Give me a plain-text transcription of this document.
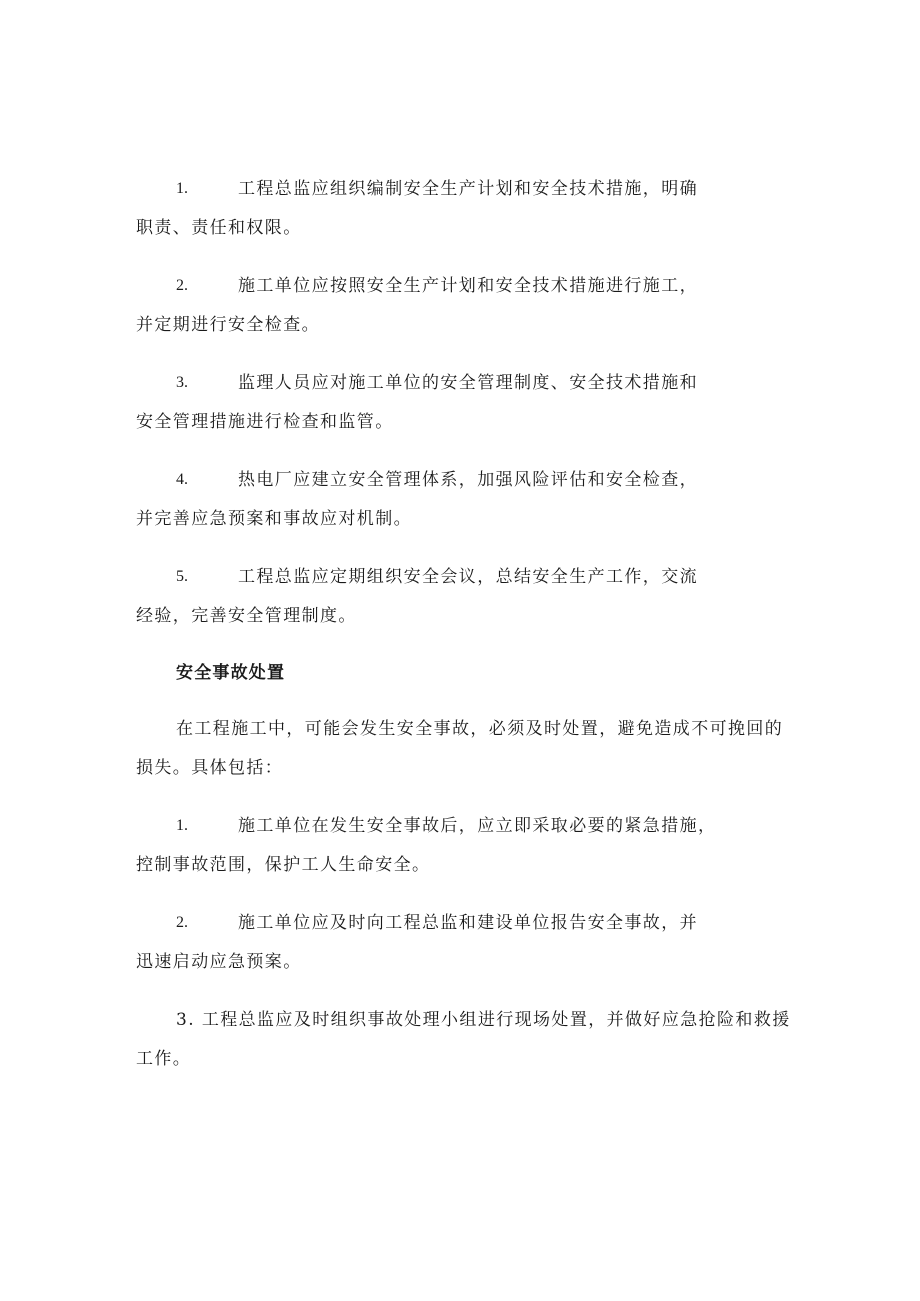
1.	工程总监应组织编制安全生产计划和安全技术措施，明确
职责、责任和权限。
2.	施工单位应按照安全生产计划和安全技术措施进行施工，
并定期进行安全检查。
3.	监理人员应对施工单位的安全管理制度、安全技术措施和
安全管理措施进行检查和监管。
4.	热电厂应建立安全管理体系，加强风险评估和安全检查，
并完善应急预案和事故应对机制。
5.	工程总监应定期组织安全会议，总结安全生产工作，交流
经验，完善安全管理制度。
安全事故处置
在工程施工中，可能会发生安全事故，必须及时处置，避免造成不可挽回的
损失。具体包括：
1.	施工单位在发生安全事故后，应立即采取必要的紧急措施，
控制事故范围，保护工人生命安全。
2.	施工单位应及时向工程总监和建设单位报告安全事故，并
迅速启动应急预案。
3. 工程总监应及时组织事故处理小组进行现场处置，并做好应急抢险和救援
工作。
